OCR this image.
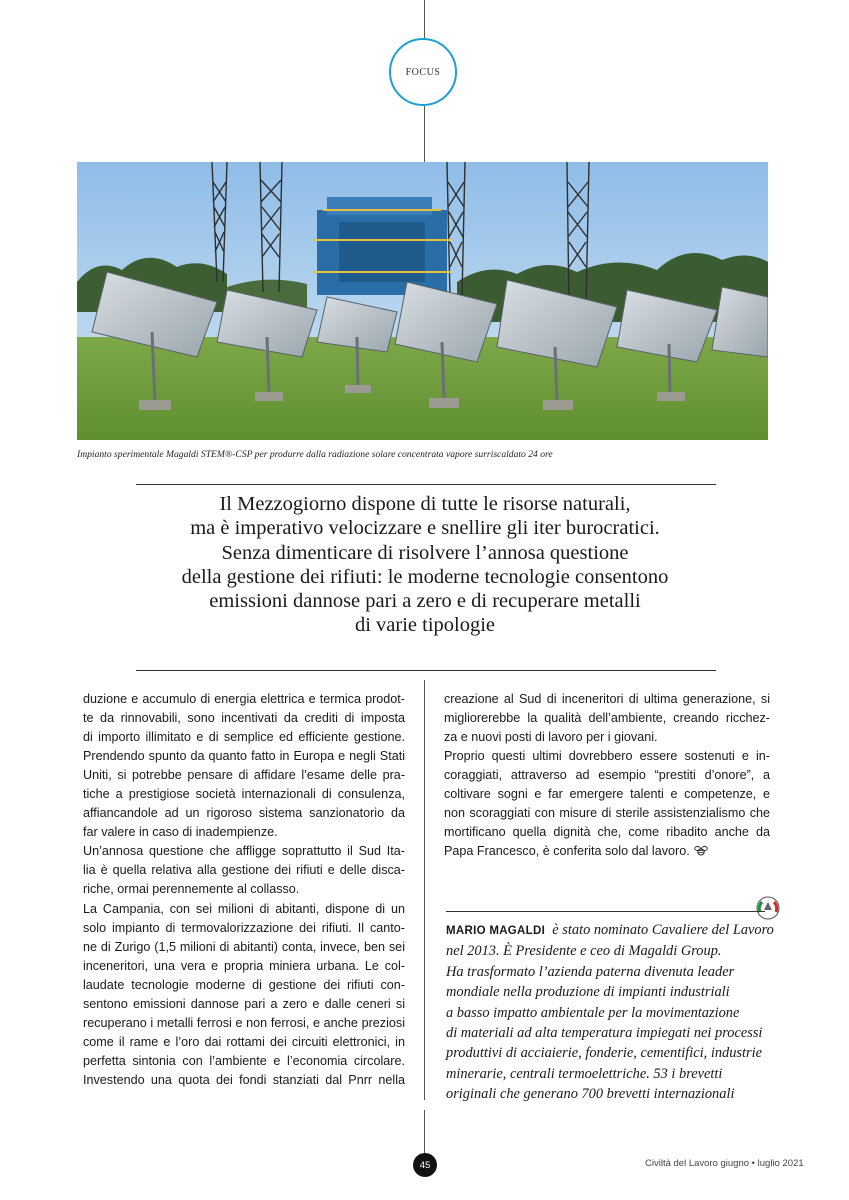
FOCUS
Impianto sperimentale Magaldi STEM®-CSP per produrre dalla radiazione solare concentrata vapore surriscaldato 24 ore
Il Mezzogiorno dispone di tutte le risorse naturali,
ma è imperativo velocizzare e snellire gli iter burocratici.
Senza dimenticare di risolvere l’annosa questione
della gestione dei rifiuti: le moderne tecnologie consentono
emissioni dannose pari a zero e di recuperare metalli
di varie tipologie
duzione e accumulo di energia elettrica e termica prodot-
te da rinnovabili, sono incentivati da crediti di imposta
di importo illimitato e di semplice ed efficiente gestione.
Prendendo spunto da quanto fatto in Europa e negli Stati
Uniti, si potrebbe pensare di affidare l’esame delle pra-
tiche a prestigiose società internazionali di consulenza,
affiancandole ad un rigoroso sistema sanzionatorio da
far valere in caso di inadempienze.
Un’annosa questione che affligge soprattutto il Sud Ita-
lia è quella relativa alla gestione dei rifiuti e delle disca-
riche, ormai perennemente al collasso.
La Campania, con sei milioni di abitanti, dispone di un
solo impianto di termovalorizzazione dei rifiuti. Il canto-
ne di Zurigo (1,5 milioni di abitanti) conta, invece, ben sei
inceneritori, una vera e propria miniera urbana. Le col-
laudate tecnologie moderne di gestione dei rifiuti con-
sentono emissioni dannose pari a zero e dalle ceneri si
recuperano i metalli ferrosi e non ferrosi, e anche preziosi
come il rame e l’oro dai rottami dei circuiti elettronici, in
perfetta sintonia con l’ambiente e l’economia circolare.
Investendo una quota dei fondi stanziati dal Pnrr nella
creazione al Sud di inceneritori di ultima generazione, si
migliorerebbe la qualità dell’ambiente, creando ricchez-
za e nuovi posti di lavoro per i giovani.
Proprio questi ultimi dovrebbero essere sostenuti e in-
coraggiati, attraverso ad esempio “prestiti d’onore”, a
coltivare sogni e far emergere talenti e competenze, e
non scoraggiati con misure di sterile assistenzialismo che
mortificano quella dignità che, come ribadito anche da
Papa Francesco, è conferita solo dal lavoro.
MARIO MAGALDI è stato nominato Cavaliere del Lavoro
nel 2013. È Presidente e ceo di Magaldi Group.
Ha trasformato l’azienda paterna divenuta leader
mondiale nella produzione di impianti industriali
a basso impatto ambientale per la movimentazione
di materiali ad alta temperatura impiegati nei processi
produttivi di acciaierie, fonderie, cementifici, industrie
minerarie, centrali termoelettriche. 53 i brevetti
originali che generano 700 brevetti internazionali
45	Civiltà del Lavoro giugno • luglio 2021
